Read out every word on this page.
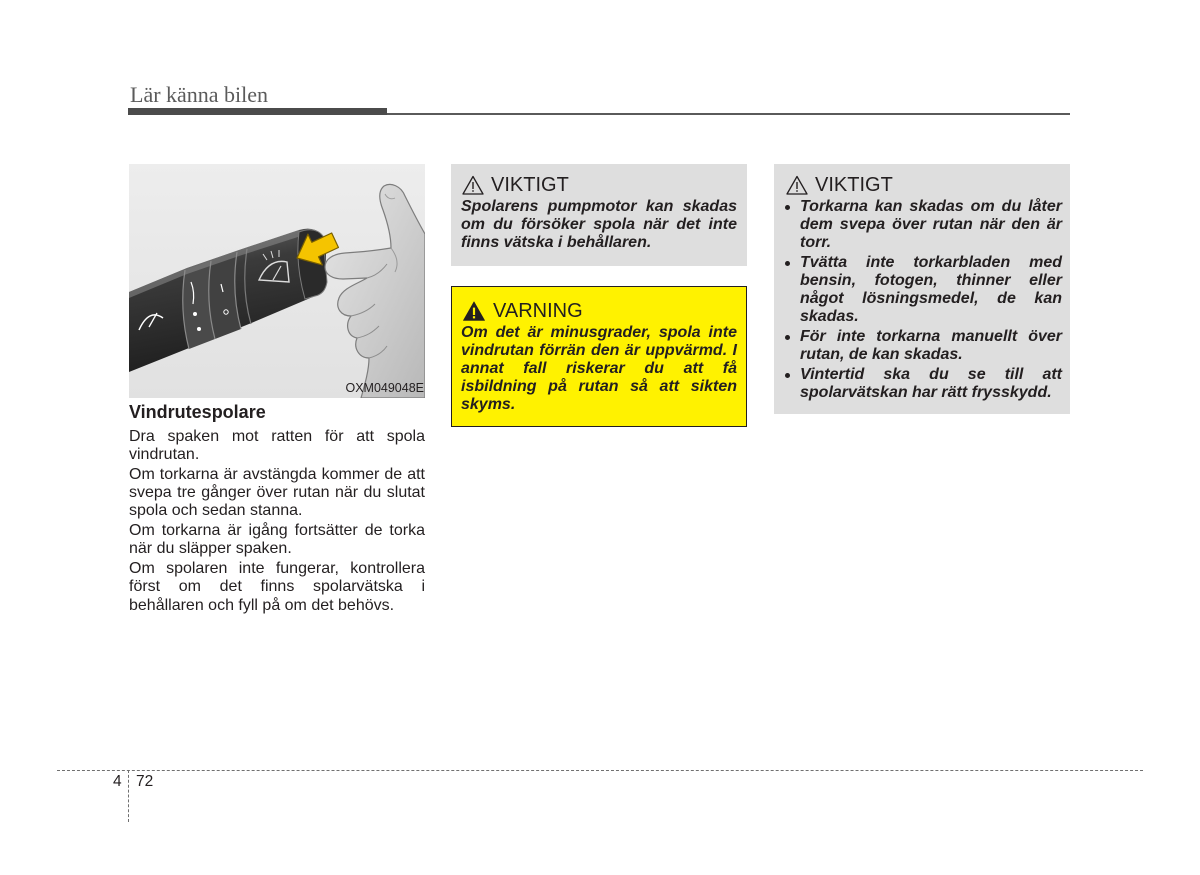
Lär känna bilen
OXM049048E
Vindrutespolare

Dra spaken mot ratten för att spola vindrutan.

Om torkarna är avstängda kommer de att svepa tre gånger över rutan när du slutat spola och sedan stanna.

Om torkarna är igång fortsätter de torka när du släpper spaken.

Om spolaren inte fungerar, kontrollera först om det finns spolarvätska i behållaren och fyll på om det behövs.

VIKTIGT
Spolarens pumpmotor kan skadas om du försöker spola när det inte finns vätska i behållaren.
VARNING
Om det är minusgrader, spola inte vindrutan förrän den är uppvärmd. I annat fall riskerar du att få isbildning på rutan så att sikten skyms.
VIKTIGT
Torkarna kan skadas om du låter dem svepa över rutan när den är torr.
Tvätta inte torkarbladen med bensin, fotogen, thinner eller något lösningsmedel, de kan skadas.
För inte torkarna manuellt över rutan, de kan skadas.
Vintertid ska du se till att spolarvätskan har rätt frysskydd.
4 72
